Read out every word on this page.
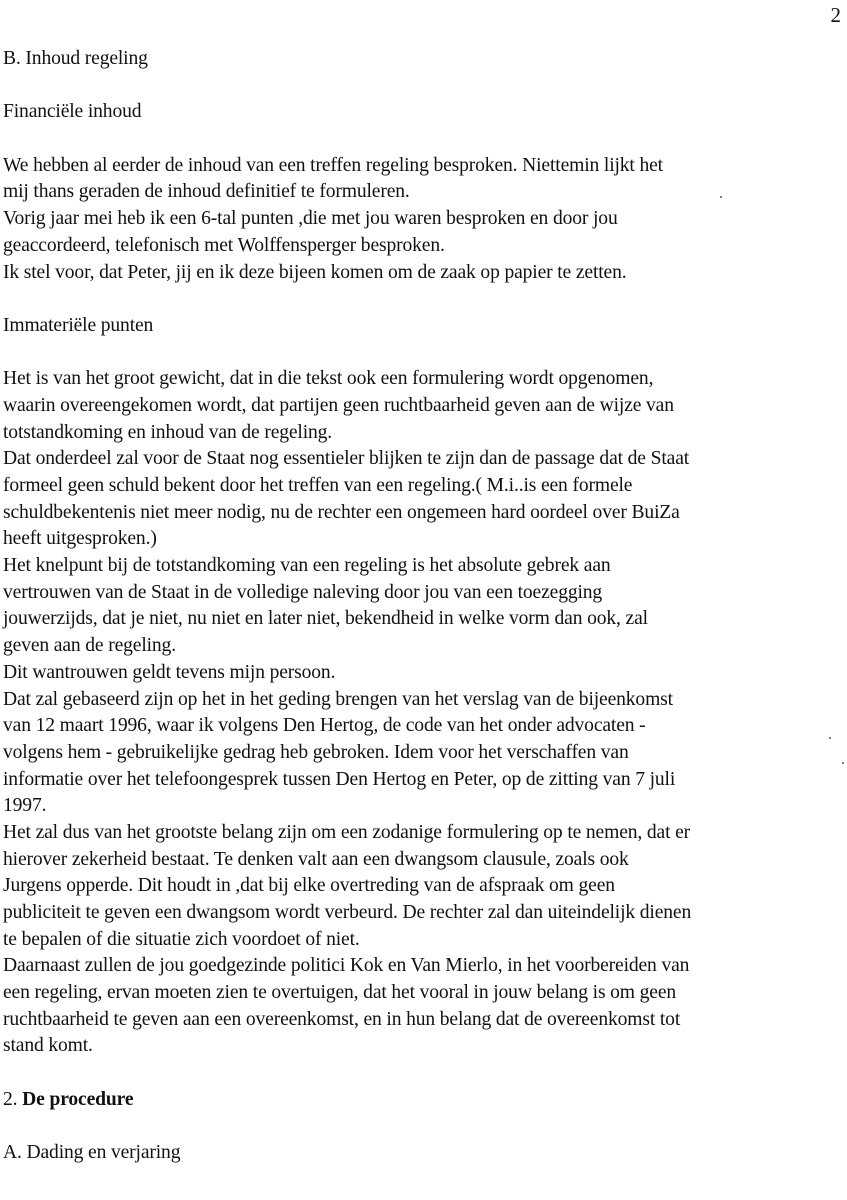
2
B. Inhoud regeling
Financiële inhoud
We hebben al eerder de inhoud van een treffen regeling besproken. Niettemin lijkt het
mij thans geraden de inhoud definitief te formuleren.
Vorig jaar mei heb ik een 6-tal punten ,die met jou waren besproken en door jou
geaccordeerd, telefonisch met Wolffensperger besproken.
Ik stel voor, dat Peter, jij en ik deze bijeen komen om de zaak op papier te zetten.
Immateriële punten
Het is van het groot gewicht, dat in die tekst ook een formulering wordt opgenomen,
waarin overeengekomen wordt, dat partijen geen ruchtbaarheid geven aan de wijze van
totstandkoming en inhoud van de regeling.
Dat onderdeel zal voor de Staat nog essentieler blijken te zijn dan de passage dat de Staat
formeel geen schuld bekent door het treffen van een regeling.( M.i..is een formele
schuldbekentenis niet meer nodig, nu de rechter een ongemeen hard oordeel over BuiZa
heeft uitgesproken.)
Het knelpunt bij de totstandkoming van een regeling is het absolute gebrek aan
vertrouwen van de Staat in de volledige naleving door jou van een toezegging
jouwerzijds, dat je niet, nu niet en later niet, bekendheid in welke vorm dan ook, zal
geven aan de regeling.
Dit wantrouwen geldt tevens mijn persoon.
Dat zal gebaseerd zijn op het in het geding brengen van het verslag van de bijeenkomst
van 12 maart 1996, waar ik volgens Den Hertog, de code van het onder advocaten -
volgens hem - gebruikelijke gedrag heb gebroken. Idem voor het verschaffen van
informatie over het telefoongesprek tussen Den Hertog en Peter, op de zitting van 7 juli
1997.
Het zal dus van het grootste belang zijn om een zodanige formulering op te nemen, dat er
hierover zekerheid bestaat. Te denken valt aan een dwangsom clausule, zoals ook
Jurgens opperde. Dit houdt in ,dat bij elke overtreding van de afspraak om geen
publiciteit te geven een dwangsom wordt verbeurd. De rechter zal dan uiteindelijk dienen
te bepalen of die situatie zich voordoet of niet.
Daarnaast zullen de jou goedgezinde politici Kok en Van Mierlo, in het voorbereiden van
een regeling, ervan moeten zien te overtuigen, dat het vooral in jouw belang is om geen
ruchtbaarheid te geven aan een overeenkomst, en in hun belang dat de overeenkomst tot
stand komt.
2. De procedure
A. Dading en verjaring
